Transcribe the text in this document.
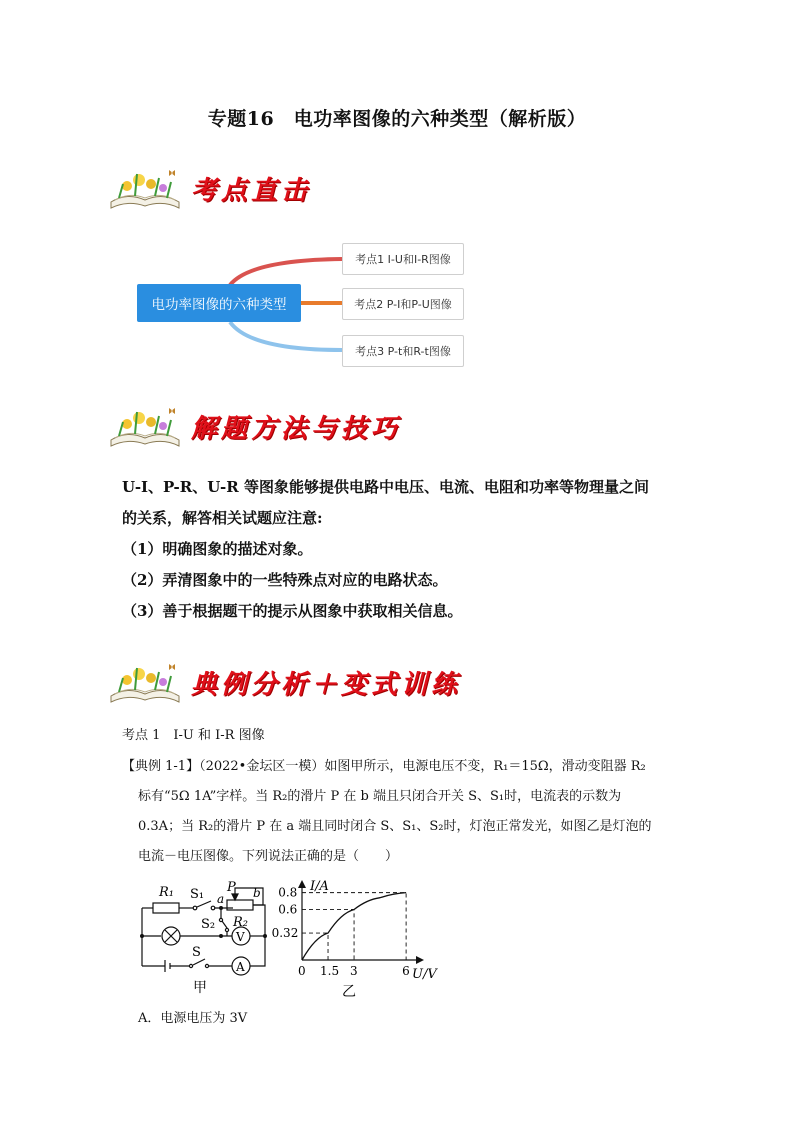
专题16　电功率图像的六种类型（解析版）
考点直击
电功率图像的六种类型
考点1 I-U和I-R图像
考点2 P-I和P-U图像
考点3 P-t和R-t图像
解题方法与技巧

U-I、P-R、U-R 等图象能够提供电路中电压、电流、电阻和功率等物理量之间

的关系，解答相关试题应注意:

（1）明确图象的描述对象。

（2）弄清图象中的一些特殊点对应的电路状态。

（3）善于根据题干的提示从图象中获取相关信息。

典例分析＋变式训练
考点 1　I-U 和 I-R 图像
【典例 1-1】（2022•金坛区一模）如图甲所示，电源电压不变，R₁＝15Ω，滑动变阻器 R₂
标有“5Ω 1A”字样。当 R₂的滑片 P 在 b 端且只闭合开关 S、S₁时，电流表的示数为
0.3A；当 R₂的滑片 P 在 a 端且同时闭合 S、S₁、S₂时，灯泡正常发光，如图乙是灯泡的
电流－电压图像。下列说法正确的是（　　）
R₁ S₁ a
P b
S₂ R₂
V
S
A
甲
I/A
U/V
0 1.5 3	6
0.32
0.6
0.8
乙
A．电源电压为 3V
